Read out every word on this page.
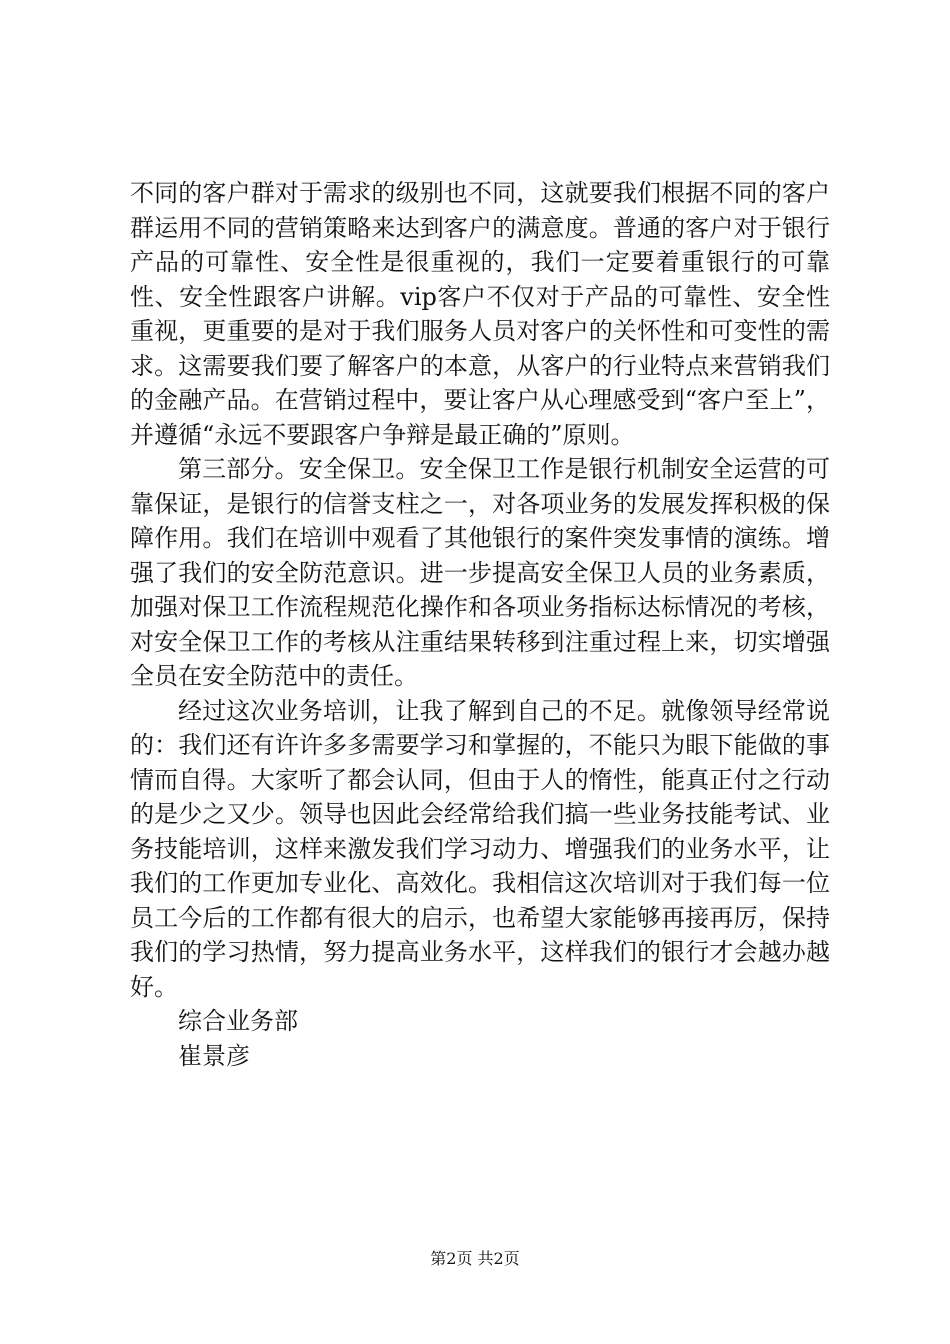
不同的客户群对于需求的级别也不同，这就要我们根据不同的客户群运用不同的营销策略来达到客户的满意度。普通的客户对于银行产品的可靠性、安全性是很重视的，我们一定要着重银行的可靠性、安全性跟客户讲解。vip客户不仅对于产品的可靠性、安全性重视，更重要的是对于我们服务人员对客户的关怀性和可变性的需求。这需要我们要了解客户的本意，从客户的行业特点来营销我们的金融产品。在营销过程中，要让客户从心理感受到“客户至上”，并遵循“永远不要跟客户争辩是最正确的”原则。

第三部分。安全保卫。安全保卫工作是银行机制安全运营的可靠保证，是银行的信誉支柱之一，对各项业务的发展发挥积极的保障作用。我们在培训中观看了其他银行的案件突发事情的演练。增强了我们的安全防范意识。进一步提高安全保卫人员的业务素质，加强对保卫工作流程规范化操作和各项业务指标达标情况的考核，对安全保卫工作的考核从注重结果转移到注重过程上来，切实增强全员在安全防范中的责任。

经过这次业务培训，让我了解到自己的不足。就像领导经常说的：我们还有许许多多需要学习和掌握的，不能只为眼下能做的事情而自得。大家听了都会认同，但由于人的惰性，能真正付之行动的是少之又少。领导也因此会经常给我们搞一些业务技能考试、业务技能培训，这样来激发我们学习动力、增强我们的业务水平，让我们的工作更加专业化、高效化。我相信这次培训对于我们每一位员工今后的工作都有很大的启示，也希望大家能够再接再厉，保持我们的学习热情，努力提高业务水平，这样我们的银行才会越办越好。

综合业务部

崔景彦

第2页 共2页
